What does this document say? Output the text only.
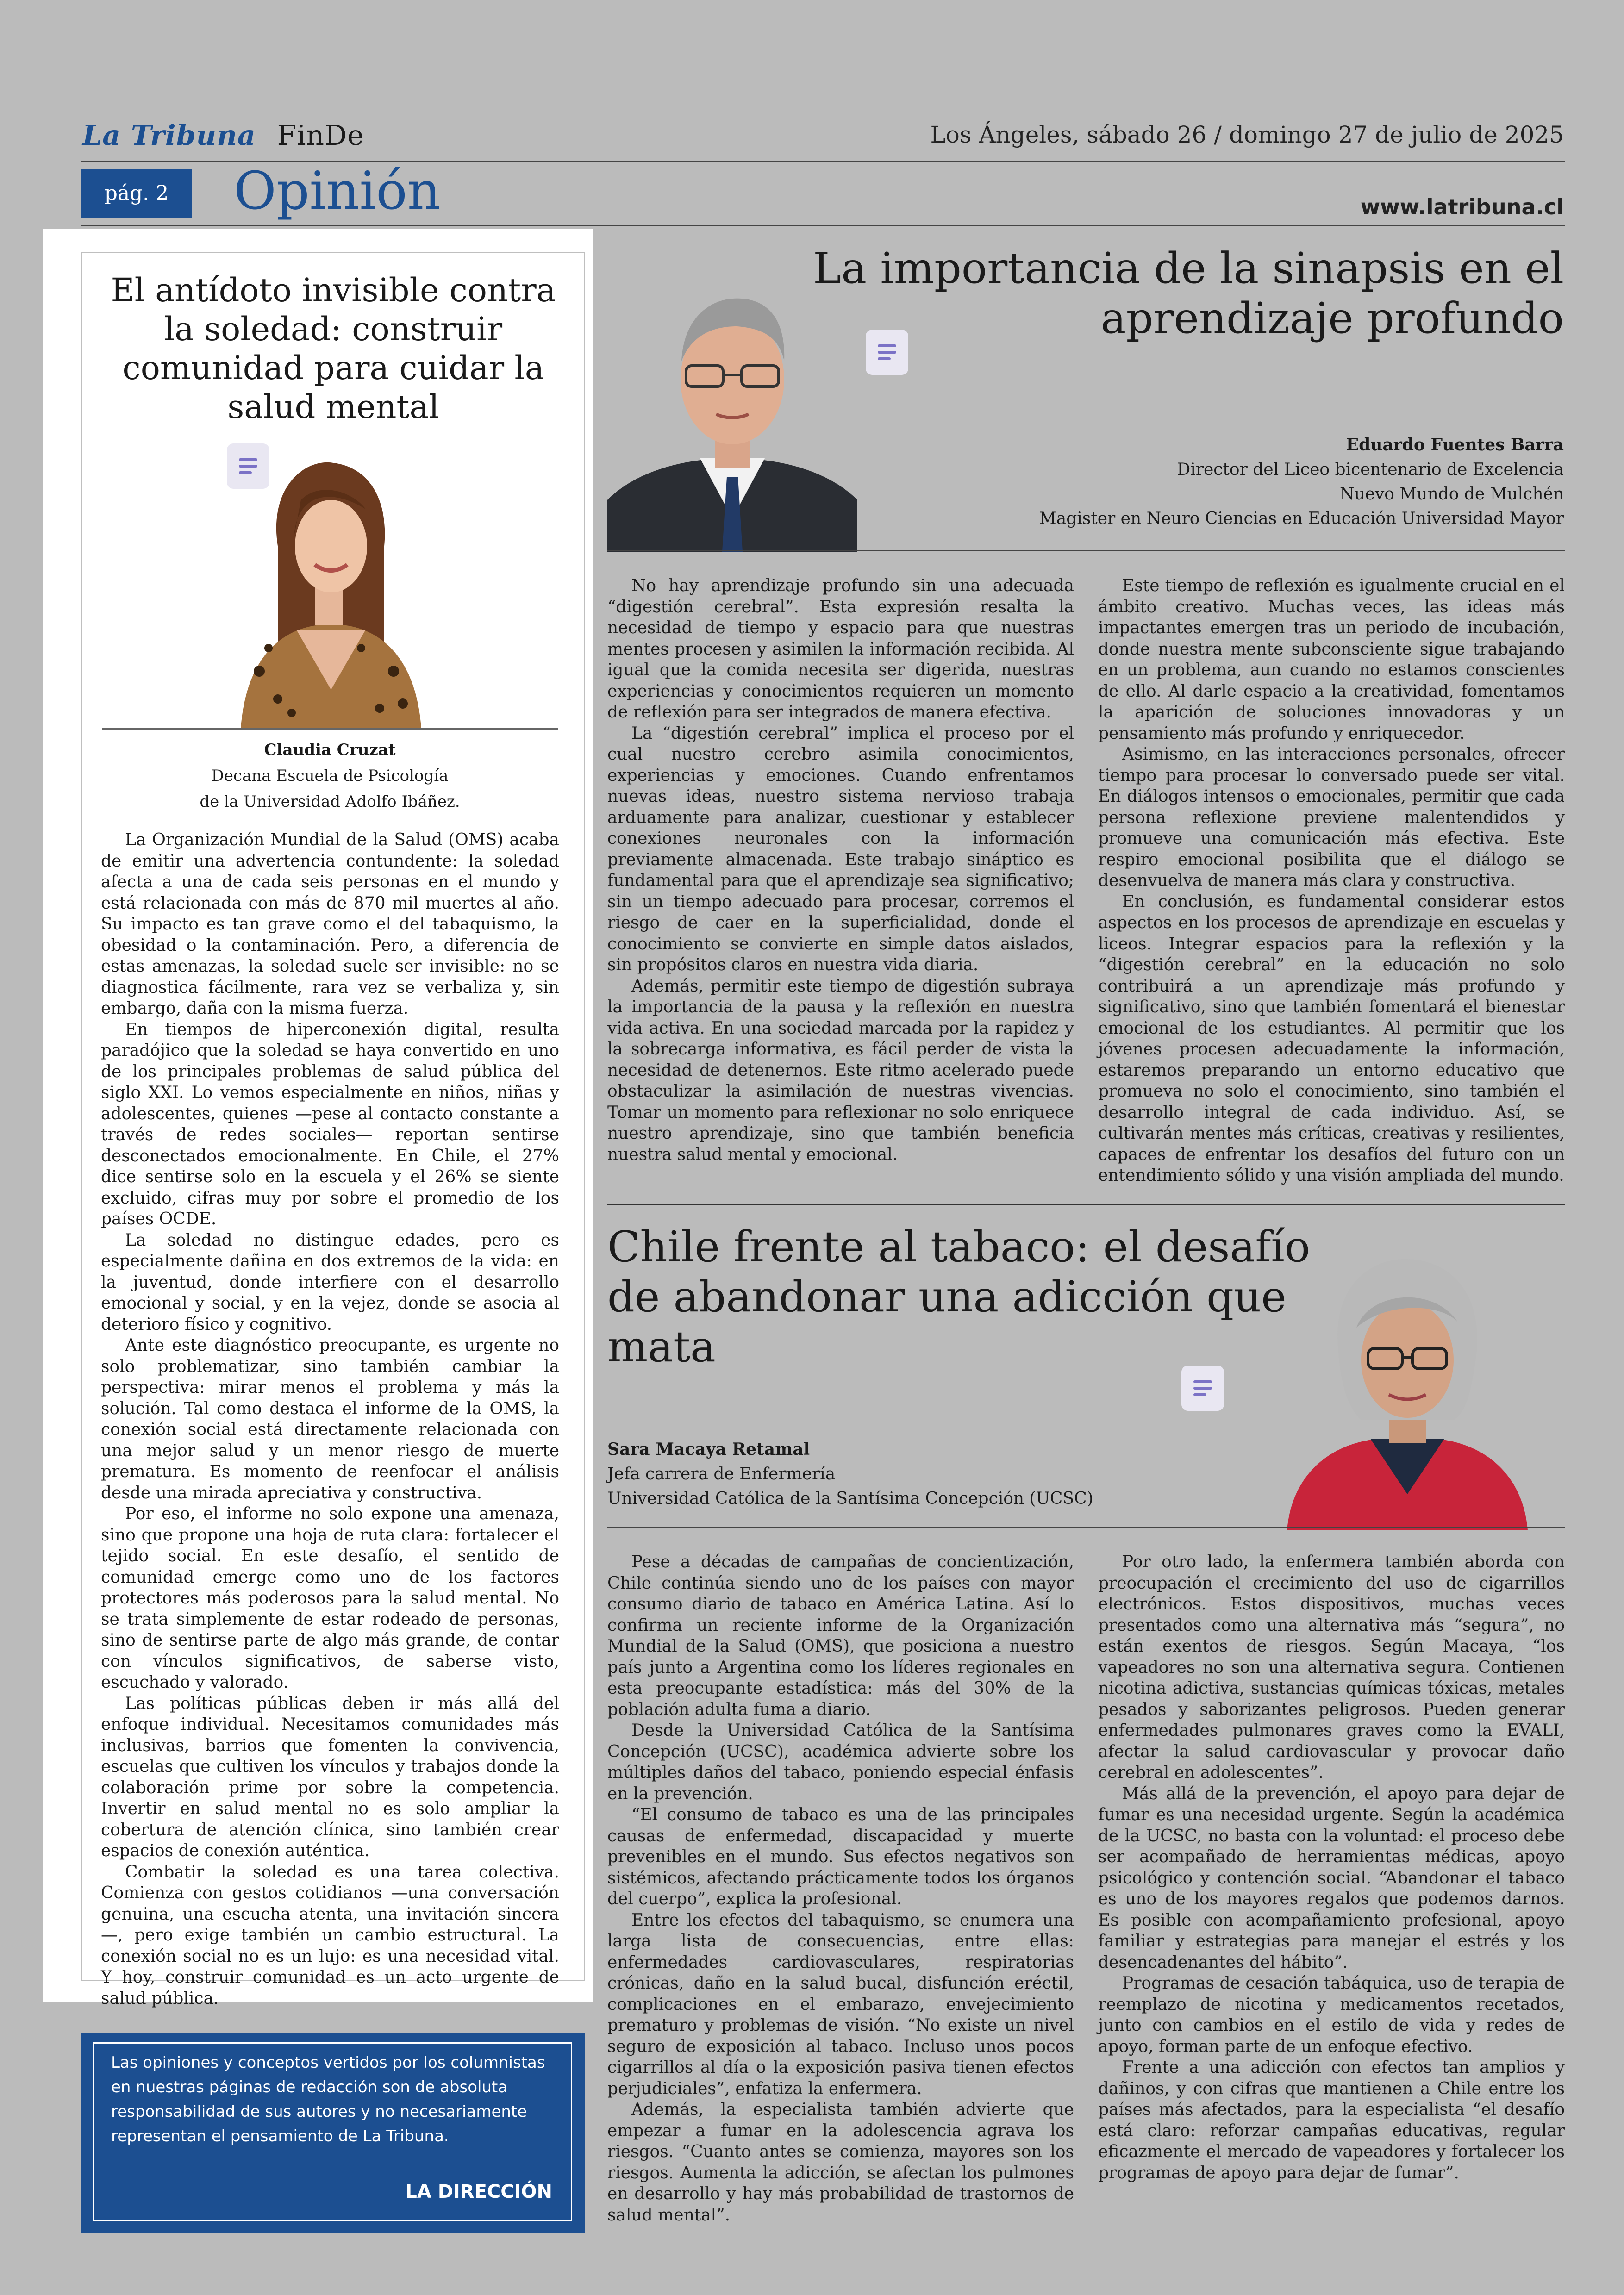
La Tribuna FinDe	Los Ángeles, sábado 26 / domingo 27 de julio de 2025
pág. 2	Opinión	www.latribuna.cl
El antídoto invisible contra la soledad: construir comunidad para cuidar la salud mental
Claudia Cruzat
Decana Escuela de Psicología
de la Universidad Adolfo Ibáñez.

La Organización Mundial de la Salud (OMS) acaba de emitir una advertencia contundente: la soledad afecta a una de cada seis personas en el mundo y está relacionada con más de 870 mil muertes al año. Su impacto es tan grave como el del tabaquismo, la obesidad o la contaminación. Pero, a diferencia de estas amenazas, la soledad suele ser invisible: no se diagnostica fácilmente, rara vez se verbaliza y, sin embargo, daña con la misma fuerza.

En tiempos de hiperconexión digital, resulta paradójico que la soledad se haya convertido en uno de los principales problemas de salud pública del siglo XXI. Lo vemos especialmente en niños, niñas y adolescentes, quienes —pese al contacto constante a través de redes sociales— reportan sentirse desconectados emocionalmente. En Chile, el 27% dice sentirse solo en la escuela y el 26% se siente excluido, cifras muy por sobre el promedio de los países OCDE.

La soledad no distingue edades, pero es especialmente dañina en dos extremos de la vida: en la juventud, donde interfiere con el desarrollo emocional y social, y en la vejez, donde se asocia al deterioro físico y cognitivo.

Ante este diagnóstico preocupante, es urgente no solo problematizar, sino también cambiar la perspectiva: mirar menos el problema y más la solución. Tal como destaca el informe de la OMS, la conexión social está directamente relacionada con una mejor salud y un menor riesgo de muerte prematura. Es momento de reenfocar el análisis desde una mirada apreciativa y constructiva.

Por eso, el informe no solo expone una amenaza, sino que propone una hoja de ruta clara: fortalecer el tejido social. En este desafío, el sentido de comunidad emerge como uno de los factores protectores más poderosos para la salud mental. No se trata simplemente de estar rodeado de personas, sino de sentirse parte de algo más grande, de contar con vínculos significativos, de saberse visto, escuchado y valorado.

Las políticas públicas deben ir más allá del enfoque individual. Necesitamos comunidades más inclusivas, barrios que fomenten la convivencia, escuelas que cultiven los vínculos y trabajos donde la colaboración prime por sobre la competencia. Invertir en salud mental no es solo ampliar la cobertura de atención clínica, sino también crear espacios de conexión auténtica.

Combatir la soledad es una tarea colectiva. Comienza con gestos cotidianos —una conversación genuina, una escucha atenta, una invitación sincera—, pero exige también un cambio estructural. La conexión social no es un lujo: es una necesidad vital. Y hoy, construir comunidad es un acto urgente de salud pública.

Las opiniones y conceptos vertidos por los columnistas en nuestras páginas de redacción son de absoluta responsabilidad de sus autores y no necesariamente representan el pensamiento de La Tribuna.
LA DIRECCIÓN
La importancia de la sinapsis en el aprendizaje profundo
Eduardo Fuentes Barra
Director del Liceo bicentenario de Excelencia
Nuevo Mundo de Mulchén
Magister en Neuro Ciencias en Educación Universidad Mayor

No hay aprendizaje profundo sin una adecuada “digestión cerebral”. Esta expresión resalta la necesidad de tiempo y espacio para que nuestras mentes procesen y asimilen la información recibida. Al igual que la comida necesita ser digerida, nuestras experiencias y conocimientos requieren un momento de reflexión para ser integrados de manera efectiva.

La “digestión cerebral” implica el proceso por el cual nuestro cerebro asimila conocimientos, experiencias y emociones. Cuando enfrentamos nuevas ideas, nuestro sistema nervioso trabaja arduamente para analizar, cuestionar y establecer conexiones neuronales con la información previamente almacenada. Este trabajo sináptico es fundamental para que el aprendizaje sea significativo; sin un tiempo adecuado para procesar, corremos el riesgo de caer en la superficialidad, donde el conocimiento se convierte en simple datos aislados, sin propósitos claros en nuestra vida diaria.

Además, permitir este tiempo de digestión subraya la importancia de la pausa y la reflexión en nuestra vida activa. En una sociedad marcada por la rapidez y la sobrecarga informativa, es fácil perder de vista la necesidad de detenernos. Este ritmo acelerado puede obstaculizar la asimilación de nuestras vivencias. Tomar un momento para reflexionar no solo enriquece nuestro aprendizaje, sino que también beneficia nuestra salud mental y emocional.

Este tiempo de reflexión es igualmente crucial en el ámbito creativo. Muchas veces, las ideas más impactantes emergen tras un periodo de incubación, donde nuestra mente subconsciente sigue trabajando en un problema, aun cuando no estamos conscientes de ello. Al darle espacio a la creatividad, fomentamos la aparición de soluciones innovadoras y un pensamiento más profundo y enriquecedor.

Asimismo, en las interacciones personales, ofrecer tiempo para procesar lo conversado puede ser vital. En diálogos intensos o emocionales, permitir que cada persona reflexione previene malentendidos y promueve una comunicación más efectiva. Este respiro emocional posibilita que el diálogo se desenvuelva de manera más clara y constructiva.

En conclusión, es fundamental considerar estos aspectos en los procesos de aprendizaje en escuelas y liceos. Integrar espacios para la reflexión y la “digestión cerebral” en la educación no solo contribuirá a un aprendizaje más profundo y significativo, sino que también fomentará el bienestar emocional de los estudiantes. Al permitir que los jóvenes procesen adecuadamente la información, estaremos preparando un entorno educativo que promueva no solo el conocimiento, sino también el desarrollo integral de cada individuo. Así, se cultivarán mentes más críticas, creativas y resilientes, capaces de enfrentar los desafíos del futuro con un entendimiento sólido y una visión ampliada del mundo.

Chile frente al tabaco: el desafío de abandonar una adicción que mata
Sara Macaya Retamal
Jefa carrera de Enfermería
Universidad Católica de la Santísima Concepción (UCSC)

Pese a décadas de campañas de concientización, Chile continúa siendo uno de los países con mayor consumo diario de tabaco en América Latina. Así lo confirma un reciente informe de la Organización Mundial de la Salud (OMS), que posiciona a nuestro país junto a Argentina como los líderes regionales en esta preocupante estadística: más del 30% de la población adulta fuma a diario.

Desde la Universidad Católica de la Santísima Concepción (UCSC), académica advierte sobre los múltiples daños del tabaco, poniendo especial énfasis en la prevención.

“El consumo de tabaco es una de las principales causas de enfermedad, discapacidad y muerte prevenibles en el mundo. Sus efectos negativos son sistémicos, afectando prácticamente todos los órganos del cuerpo”, explica la profesional.

Entre los efectos del tabaquismo, se enumera una larga lista de consecuencias, entre ellas: enfermedades cardiovasculares, respiratorias crónicas, daño en la salud bucal, disfunción eréctil, complicaciones en el embarazo, envejecimiento prematuro y problemas de visión. “No existe un nivel seguro de exposición al tabaco. Incluso unos pocos cigarrillos al día o la exposición pasiva tienen efectos perjudiciales”, enfatiza la enfermera.

Además, la especialista también advierte que empezar a fumar en la adolescencia agrava los riesgos. “Cuanto antes se comienza, mayores son los riesgos. Aumenta la adicción, se afectan los pulmones en desarrollo y hay más probabilidad de trastornos de salud mental”.

Por otro lado, la enfermera también aborda con preocupación el crecimiento del uso de cigarrillos electrónicos. Estos dispositivos, muchas veces presentados como una alternativa más “segura”, no están exentos de riesgos. Según Macaya, “los vapeadores no son una alternativa segura. Contienen nicotina adictiva, sustancias químicas tóxicas, metales pesados y saborizantes peligrosos. Pueden generar enfermedades pulmonares graves como la EVALI, afectar la salud cardiovascular y provocar daño cerebral en adolescentes”.

Más allá de la prevención, el apoyo para dejar de fumar es una necesidad urgente. Según la académica de la UCSC, no basta con la voluntad: el proceso debe ser acompañado de herramientas médicas, apoyo psicológico y contención social. “Abandonar el tabaco es uno de los mayores regalos que podemos darnos. Es posible con acompañamiento profesional, apoyo familiar y estrategias para manejar el estrés y los desencadenantes del hábito”.

Programas de cesación tabáquica, uso de terapia de reemplazo de nicotina y medicamentos recetados, junto con cambios en el estilo de vida y redes de apoyo, forman parte de un enfoque efectivo.

Frente a una adicción con efectos tan amplios y dañinos, y con cifras que mantienen a Chile entre los países más afectados, para la especialista “el desafío está claro: reforzar campañas educativas, regular eficazmente el mercado de vapeadores y fortalecer los programas de apoyo para dejar de fumar”.
